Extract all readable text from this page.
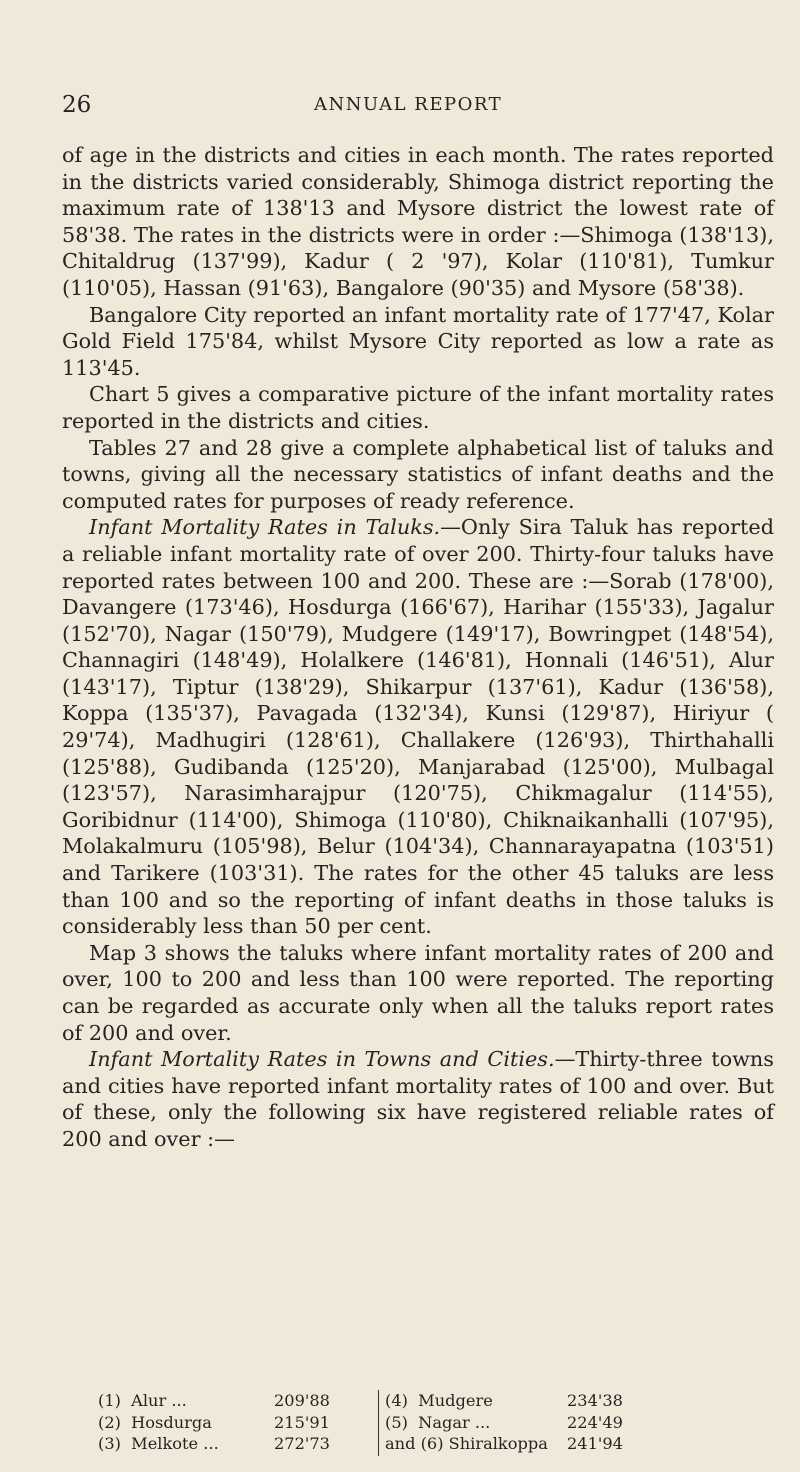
26	ANNUAL REPORT

of age in the districts and cities in each month. The rates reported in the districts varied considerably, Shimoga district reporting the maximum rate of 138'13 and Mysore district the lowest rate of 58'38. The rates in the districts were in order :—Shimoga (138'13), Chitaldrug (137'99), Kadur ( 2 '97), Kolar (110'81), Tumkur (110'05), Hassan (91'63), Bangalore (90'35) and Mysore (58'38).

Bangalore City reported an infant mortality rate of 177'47, Kolar Gold Field 175'84, whilst Mysore City reported as low a rate as 113'45.

Chart 5 gives a comparative picture of the infant mortality rates reported in the districts and cities.

Tables 27 and 28 give a complete alphabetical list of taluks and towns, giving all the necessary statistics of infant deaths and the computed rates for purposes of ready reference.

Infant Mortality Rates in Taluks.—Only Sira Taluk has reported a reliable infant mortality rate of over 200. Thirty-four taluks have reported rates between 100 and 200. These are :—Sorab (178'00), Davangere (173'46), Hosdurga (166'67), Harihar (155'33), Jagalur (152'70), Nagar (150'79), Mudgere (149'17), Bowringpet (148'54), Channagiri (148'49), Holalkere (146'81), Honnali (146'51), Alur (143'17), Tiptur (138'29), Shikarpur (137'61), Kadur (136'58), Koppa (135'37), Pavagada (132'34), Kunsi (129'87), Hiriyur ( 29'74), Madhugiri (128'61), Challakere (126'93), Thirthahalli (125'88), Gudibanda (125'20), Manjarabad (125'00), Mulbagal (123'57), Narasimharajpur (120'75), Chikmagalur (114'55), Goribidnur (114'00), Shimoga (110'80), Chiknaikanhalli (107'95), Molakalmuru (105'98), Belur (104'34), Channarayapatna (103'51) and Tarikere (103'31). The rates for the other 45 taluks are less than 100 and so the reporting of infant deaths in those taluks is considerably less than 50 per cent.

Map 3 shows the taluks where infant mortality rates of 200 and over, 100 to 200 and less than 100 were reported. The reporting can be regarded as accurate only when all the taluks report rates of 200 and over.

Infant Mortality Rates in Towns and Cities.—Thirty-three towns and cities have reported infant mortality rates of 100 and over. But of these, only the following six have registered reliable rates of 200 and over :—

(1) Alur ...	209'88
(2) Hosdurga	215'91
(3) Melkote ...	272'73
(4) Mudgere	234'38
(5) Nagar ...	224'49
and (6) Shiralkoppa 241'94
